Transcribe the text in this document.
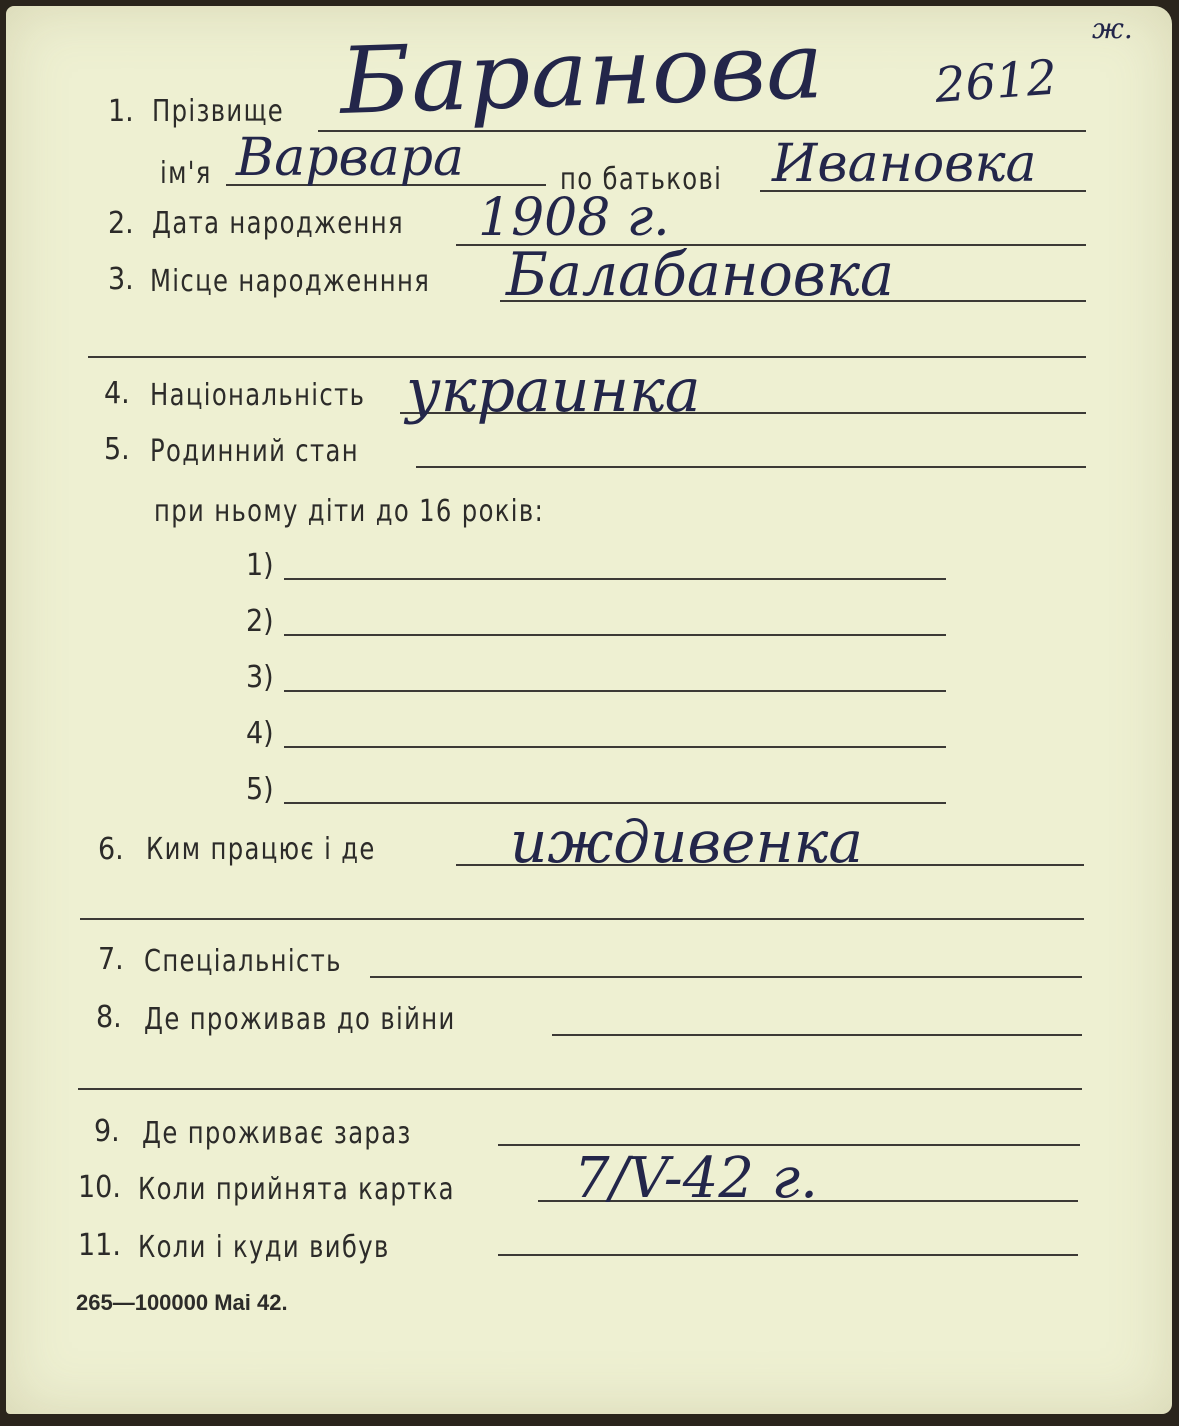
ж.
2612
1. Прізвище Баранова
ім'я Варвара	по батькові Ивановка
2. Дата народження 1908 г.
3. Місце народженння Балабановка
4. Національність украинка
5. Родинний стан
при ньому діти до 16 років:
1)
2)
3)
4)
5)
6. Ким працює і де иждивенка
7. Спеціальність
8. Де проживав до війни
9. Де проживає зараз
10. Коли прийнята картка 7/V-42 г.
11. Коли і куди вибув
265—100000 Mai 42.
